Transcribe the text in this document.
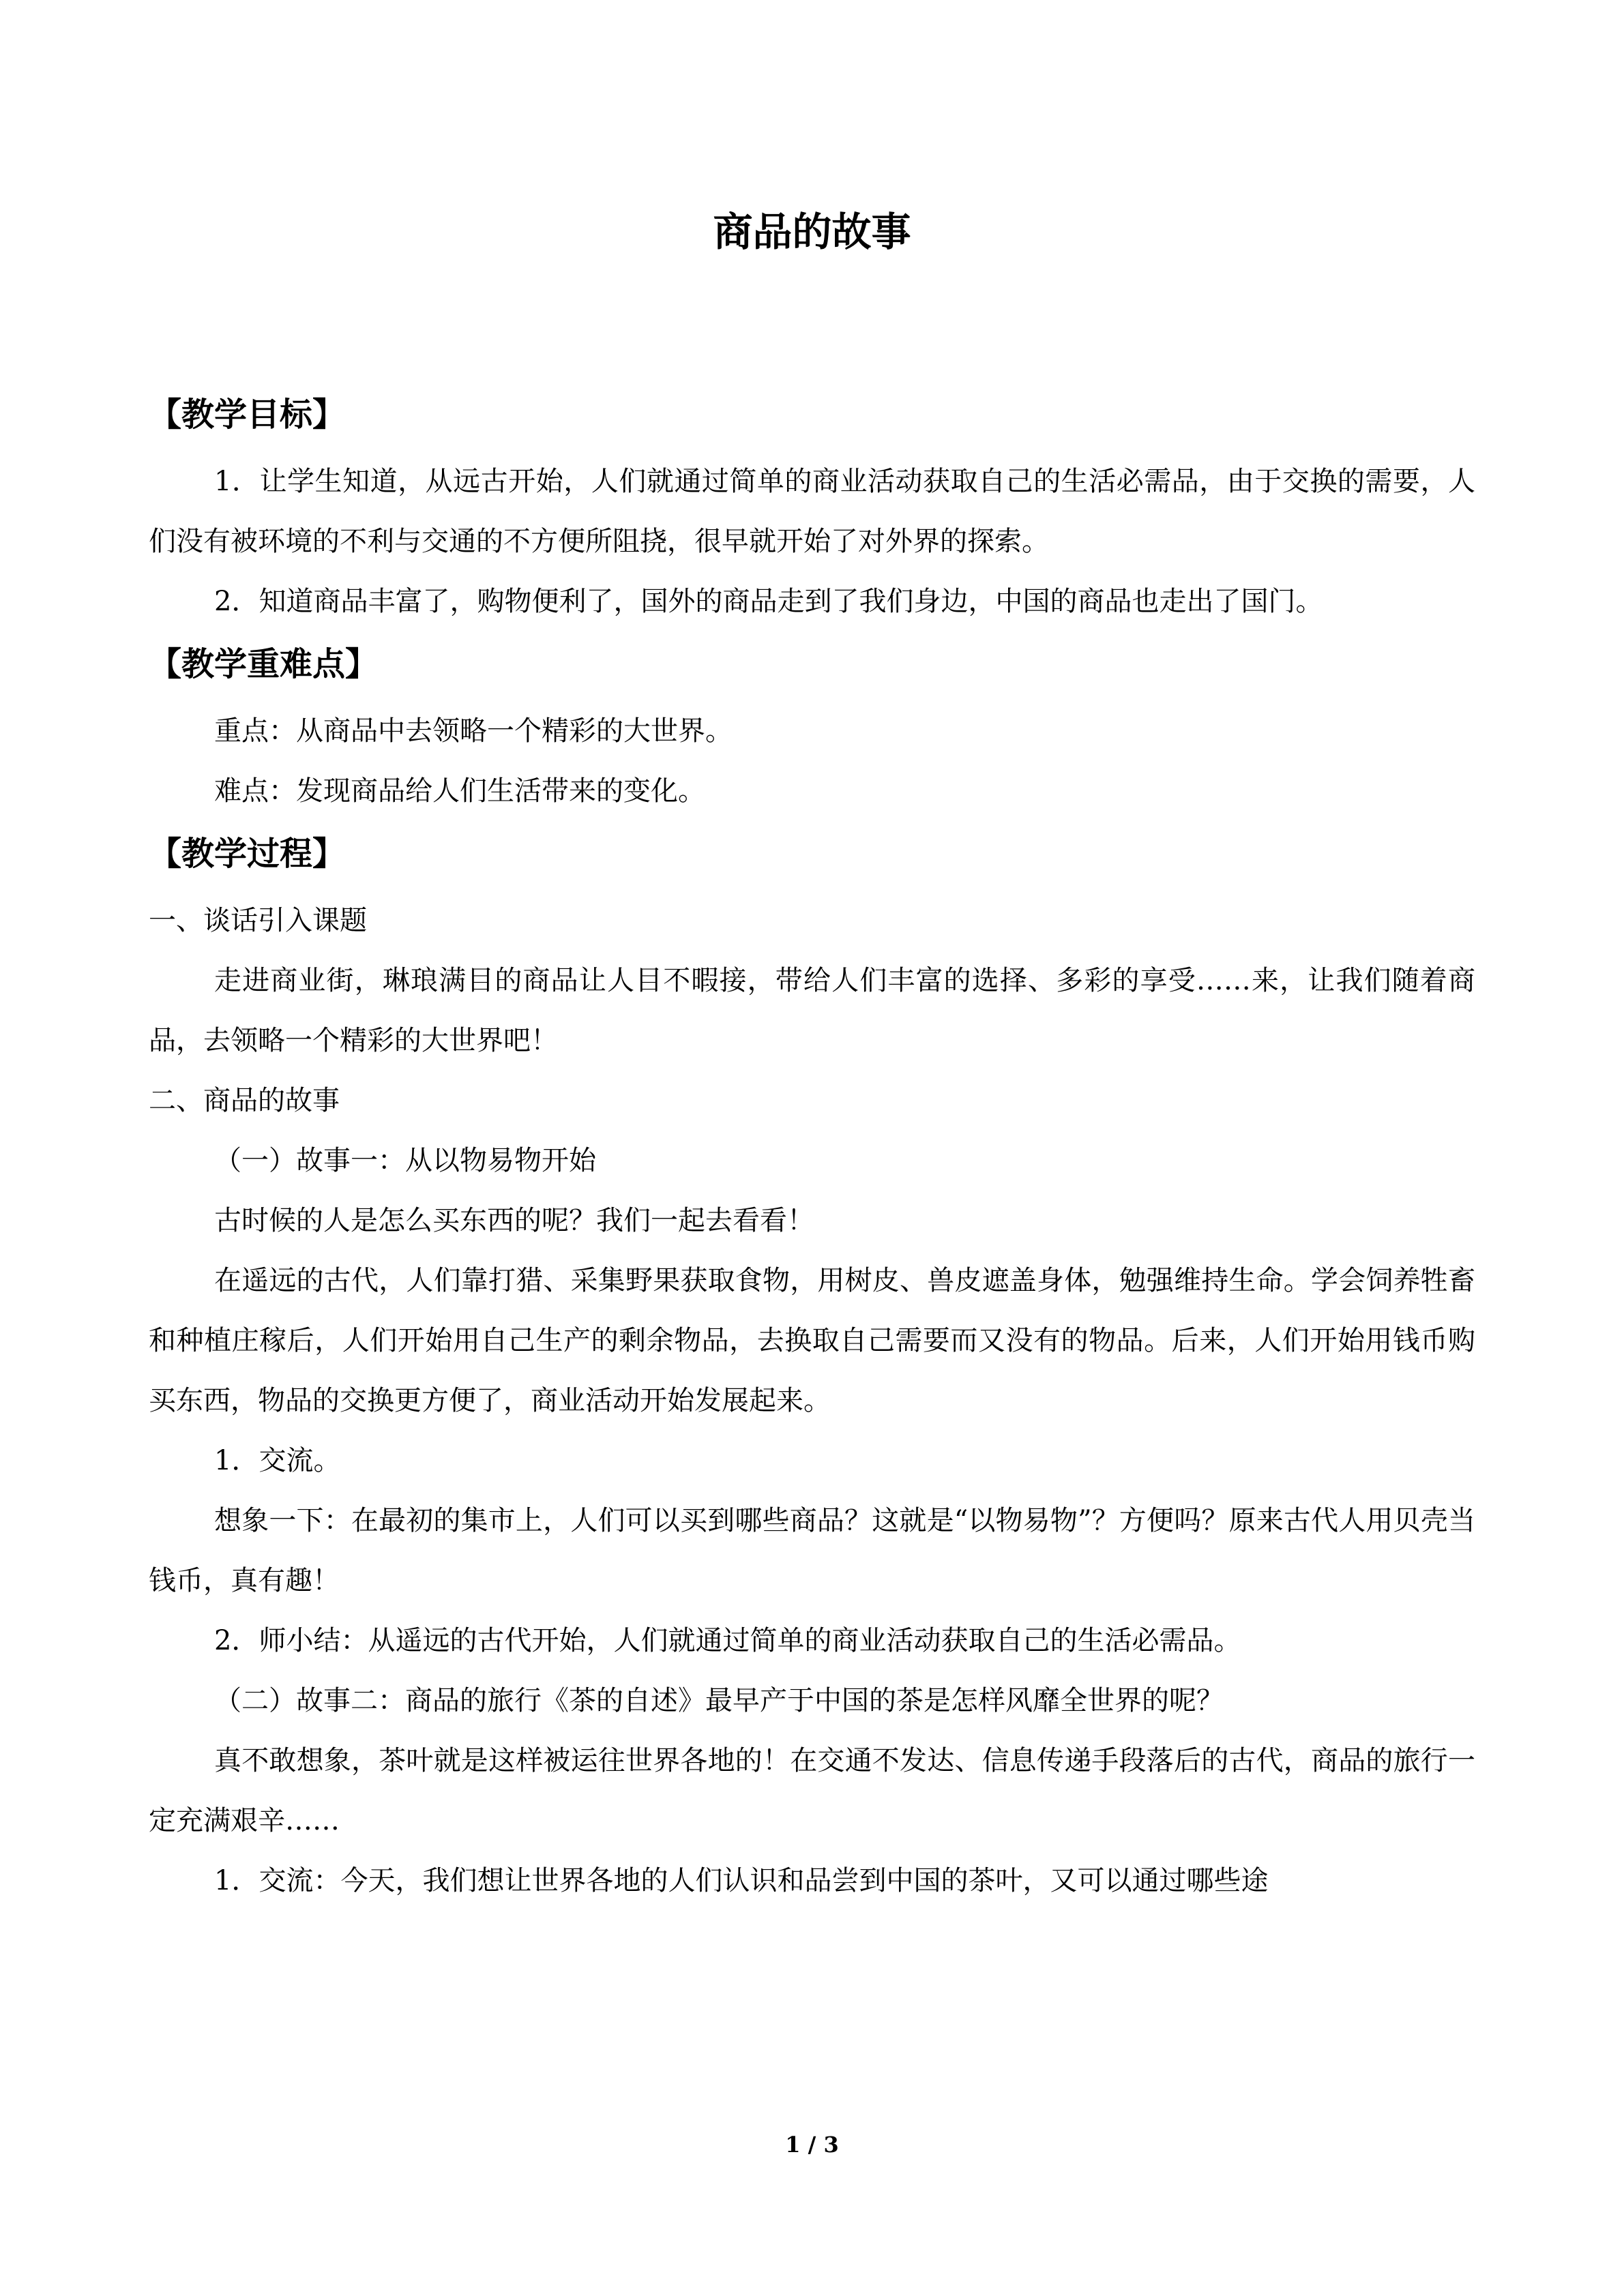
商品的故事
【教学目标】

1．让学生知道，从远古开始，人们就通过简单的商业活动获取自己的生活必需品，由于交换的需要，人们没有被环境的不利与交通的不方便所阻挠，很早就开始了对外界的探索。

2．知道商品丰富了，购物便利了，国外的商品走到了我们身边，中国的商品也走出了国门。

【教学重难点】

重点：从商品中去领略一个精彩的大世界。

难点：发现商品给人们生活带来的变化。

【教学过程】

一、谈话引入课题

走进商业街，琳琅满目的商品让人目不暇接，带给人们丰富的选择、多彩的享受……来，让我们随着商品，去领略一个精彩的大世界吧！

二、商品的故事

（一）故事一：从以物易物开始

古时候的人是怎么买东西的呢？我们一起去看看！

在遥远的古代，人们靠打猎、采集野果获取食物，用树皮、兽皮遮盖身体，勉强维持生命。学会饲养牲畜和种植庄稼后，人们开始用自己生产的剩余物品，去换取自己需要而又没有的物品。后来，人们开始用钱币购买东西，物品的交换更方便了，商业活动开始发展起来。

1．交流。

想象一下：在最初的集市上，人们可以买到哪些商品？这就是“以物易物”？方便吗？原来古代人用贝壳当钱币，真有趣！

2．师小结：从遥远的古代开始，人们就通过简单的商业活动获取自己的生活必需品。

（二）故事二：商品的旅行《茶的自述》最早产于中国的茶是怎样风靡全世界的呢？

真不敢想象，茶叶就是这样被运往世界各地的！在交通不发达、信息传递手段落后的古代，商品的旅行一定充满艰辛……

1．交流：今天，我们想让世界各地的人们认识和品尝到中国的茶叶，又可以通过哪些途

1 / 3
